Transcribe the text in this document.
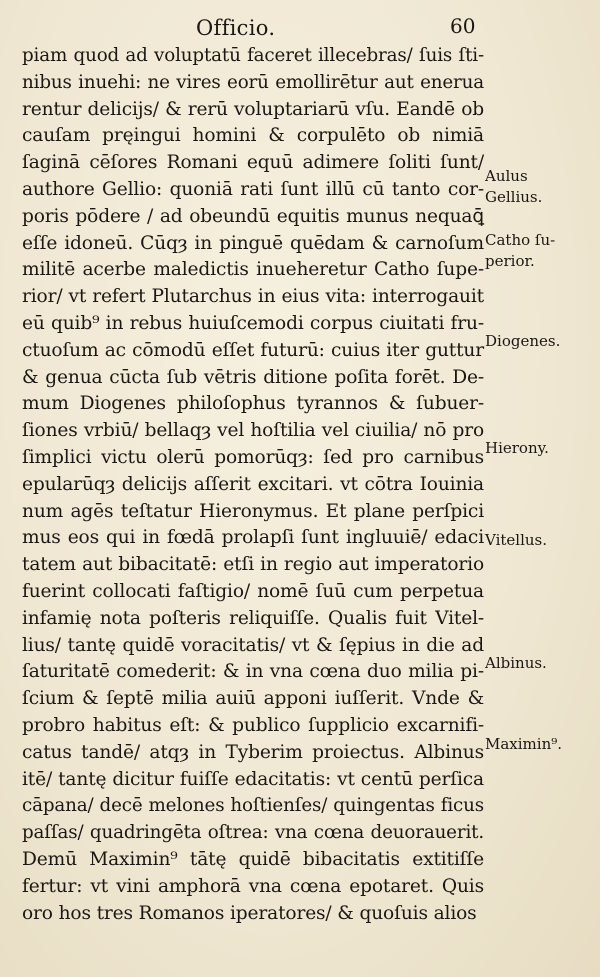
Officio.	60
piam quod ad voluptatū faceret illecebras/ ſuis ſti-
nibus inuehi: ne vires eorū emollirētur aut enerua
rentur delicijs/ & rerū voluptariarū vſu. Eandē ob
cauſam pręingui homini & corpulēto ob nimiā
ſaginā cēſores Romani equū adimere ſoliti ſunt/
authore Gellio: quoniā rati ſunt illū cū tanto cor-
poris pōdere / ad obeundū equitis munus nequaꝗ̄
eſſe idoneū. Cūqȝ in pinguē quēdam & carnoſum
militē acerbe maledictis inueheretur Catho ſupe-
rior/ vt refert Plutarchus in eius vita: interrogauit
eū quib⁹ in rebus huiuſcemodi corpus ciuitati fru-
ctuoſum ac cōmodū eſſet futurū: cuius iter guttur
& genua cūcta ſub vētris ditione poſita forēt. De-
mum Diogenes philoſophus tyrannos & ſubuer-
ſiones vrbiū/ bellaqȝ vel hoſtilia vel ciuilia/ nō pro
ſimplici victu olerū pomorūqȝ: ſed pro carnibus
epularūqȝ delicijs aſſerit excitari. vt cōtra Iouinia
num agēs teſtatur Hieronymus. Et plane perſpici
mus eos qui in fœdā prolapſi ſunt ingluuiē/ edaci
tatem aut bibacitatē: etſi in regio aut imperatorio
fuerint collocati faſtigio/ nomē ſuū cum perpetua
infamię nota poſteris reliquiſſe. Qualis fuit Vitel-
lius/ tantę quidē voracitatis/ vt & ſępius in die ad
ſaturitatē comederit: & in vna cœna duo milia pi-
ſcium & ſeptē milia auiū apponi iuſſerit. Vnde &
probro habitus eſt: & publico ſupplicio excarnifi-
catus tandē/ atqȝ in Tyberim proiectus. Albinus
itē/ tantę dicitur fuiſſe edacitatis: vt centū perſica
cāpana/ decē melones hoſtienſes/ quingentas ficus
paſſas/ quadringēta oſtrea: vna cœna deuorauerit.
Demū Maximin⁹ tātę quidē bibacitatis extitiſſe
fertur: vt vini amphorā vna cœna epotaret. Quis
oro hos tres Romanos iperatores/ & quoſuis alios
Aulus
Gellius.
Catho ſu-
perior.
Diogenes.
Hierony.
Vitellus.
Albinus.
Maximin⁹.
